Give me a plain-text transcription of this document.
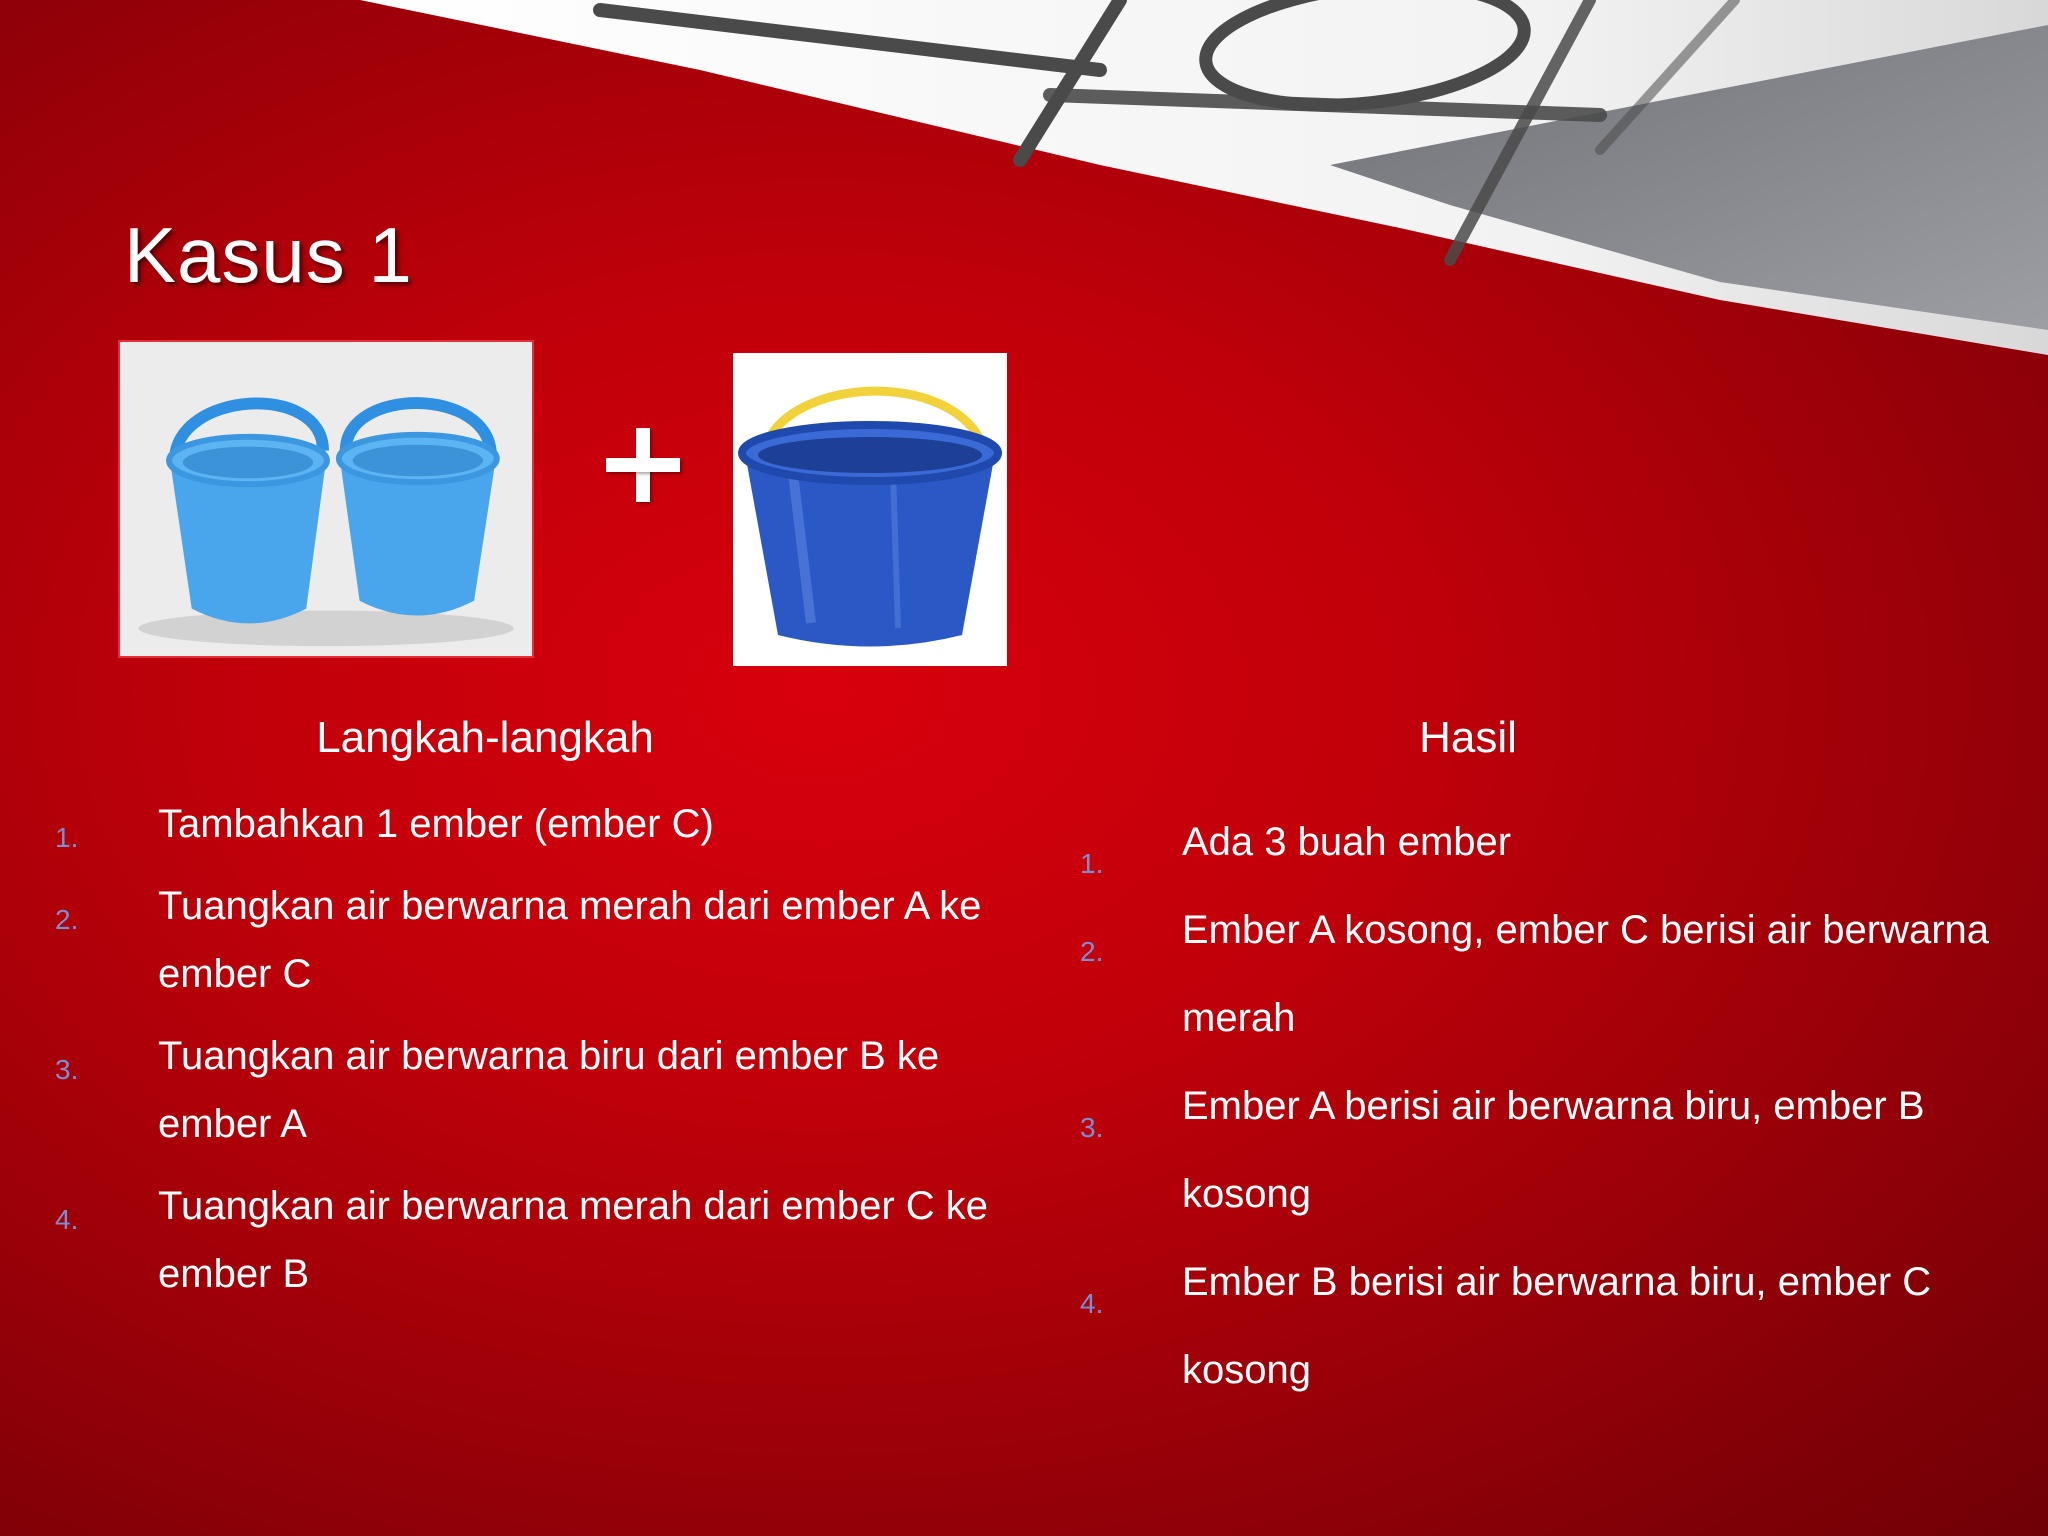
Kasus 1
Langkah-langkah
1. Tambahkan 1 ember (ember C)
2. Tuangkan air berwarna merah dari ember A ke ember C
3. Tuangkan air berwarna biru dari ember B ke ember A
4. Tuangkan air berwarna merah dari ember C ke ember B
Hasil
1. Ada 3 buah ember
2. Ember A kosong, ember C berisi air berwarna merah
3. Ember A berisi air berwarna biru, ember B kosong
4. Ember B berisi air berwarna biru, ember C kosong
